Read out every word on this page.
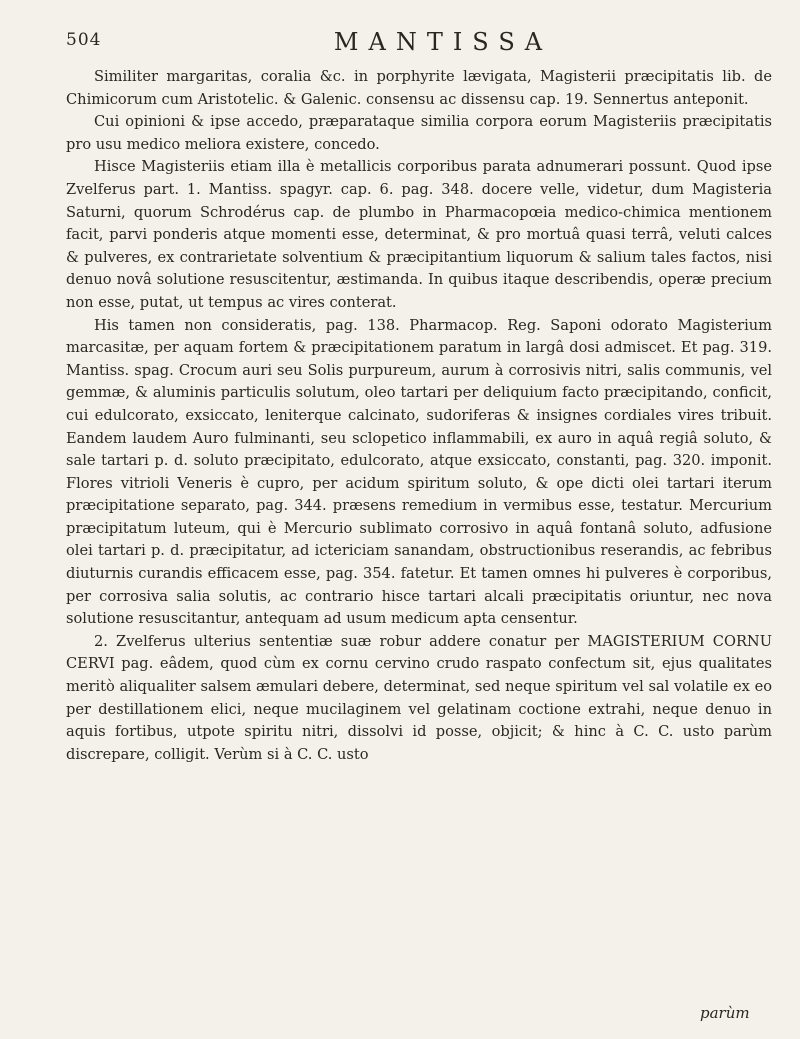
504	MANTISSA

Similiter margaritas, coralia &c. in porphyrite lævigata, Magisterii præcipitatis lib. de Chimicorum cum Aristotelic. & Galenic. consensu ac dissensu cap. 19. Sennertus anteponit.

Cui opinioni & ipse accedo, præparataque similia corpora eorum Magisteriis præcipitatis pro usu medico meliora existere, concedo.

Hisce Magisteriis etiam illa è metallicis corporibus parata adnumerari possunt. Quod ipse Zvelferus part. 1. Mantiss. spagyr. cap. 6. pag. 348. docere velle, videtur, dum Magisteria Saturni, quorum Schrodérus cap. de plumbo in Pharmacopœia medico-chimica mentionem facit, parvi ponderis atque momenti esse, determinat, & pro mortuâ quasi terrâ, veluti calces & pulveres, ex contrarietate solventium & præcipitantium liquorum & salium tales factos, nisi denuo novâ solutione resuscitentur, æstimanda. In quibus itaque describendis, operæ precium non esse, putat, ut tempus ac vires conterat.

His tamen non consideratis, pag. 138. Pharmacop. Reg. Saponi odorato Magisterium marcasitæ, per aquam fortem & præcipitationem paratum in largâ dosi admiscet. Et pag. 319. Mantiss. spag. Crocum auri seu Solis purpureum, aurum à corrosivis nitri, salis communis, vel gemmæ, & aluminis particulis solutum, oleo tartari per deliquium facto præcipitando, conficit, cui edulcorato, exsiccato, leniterque calcinato, sudoriferas & insignes cordiales vires tribuit. Eandem laudem Auro fulminanti, seu sclopetico inflammabili, ex auro in aquâ regiâ soluto, & sale tartari p. d. soluto præcipitato, edulcorato, atque exsiccato, constanti, pag. 320. imponit. Flores vitrioli Veneris è cupro, per acidum spiritum soluto, & ope dicti olei tartari iterum præcipitatione separato, pag. 344. præsens remedium in vermibus esse, testatur. Mercurium præcipitatum luteum, qui è Mercurio sublimato corrosivo in aquâ fontanâ soluto, adfusione olei tartari p. d. præcipitatur, ad ictericiam sanandam, obstructionibus reserandis, ac febribus diuturnis curandis efficacem esse, pag. 354. fatetur. Et tamen omnes hi pulveres è corporibus, per corrosiva salia solutis, ac contrario hisce tartari alcali præcipitatis oriuntur, nec nova solutione resuscitantur, antequam ad usum medicum apta censentur.

2. Zvelferus ulterius sententiæ suæ robur addere conatur per MAGISTERIUM CORNU CERVI pag. eâdem, quod cùm ex cornu cervino crudo raspato confectum sit, ejus qualitates meritò aliqualiter salsem æmulari debere, determinat, sed neque spiritum vel sal volatile ex eo per destillationem elici, neque mucilaginem vel gelatinam coctione extrahi, neque denuo in aquis fortibus, utpote spiritu nitri, dissolvi id posse, objicit; & hinc à C. C. usto parùm discrepare, colligit. Verùm si à C. C. usto

parùm
